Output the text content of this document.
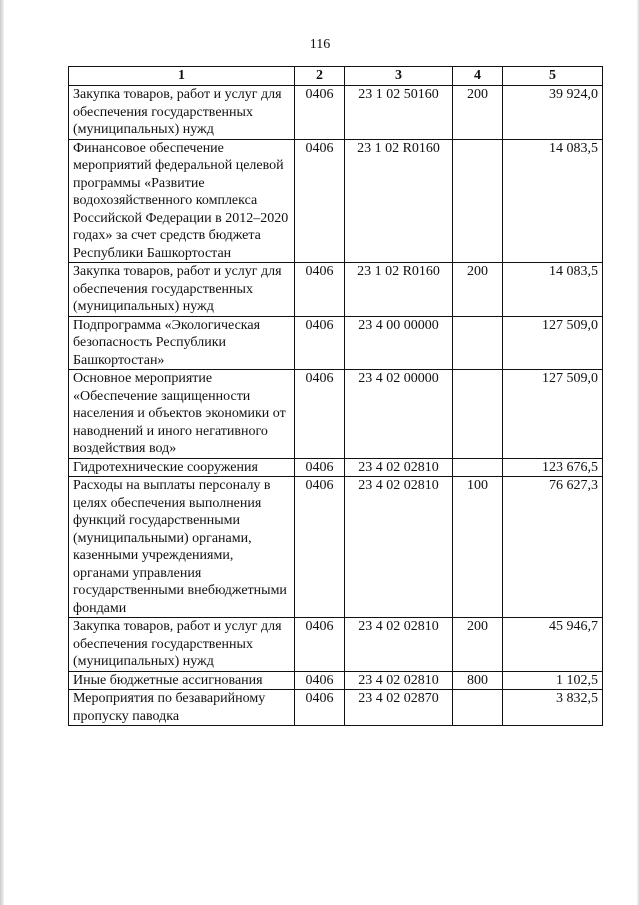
116
1	2	3	4	5
Закупка товаров, работ и услуг для обеспечения государственных (муниципальных) нужд	0406	23 1 02 50160	200	39 924,0
Финансовое обеспечение мероприятий федеральной целевой программы «Развитие водохозяйственного комплекса Российской Федерации в 2012–2020 годах» за счет средств бюджета Республики Башкортостан	0406	23 1 02 R0160		14 083,5
Закупка товаров, работ и услуг для обеспечения государственных (муниципальных) нужд	0406	23 1 02 R0160	200	14 083,5
Подпрограмма «Экологическая безопасность Республики Башкортостан»	0406	23 4 00 00000		127 509,0
Основное мероприятие «Обеспечение защищенности населения и объектов экономики от наводнений и иного негативного воздействия вод»	0406	23 4 02 00000		127 509,0
Гидротехнические сооружения	0406	23 4 02 02810		123 676,5
Расходы на выплаты персоналу в целях обеспечения выполнения функций государственными (муниципальными) органами, казенными учреждениями, органами управления государственными внебюджетными фондами	0406	23 4 02 02810	100	76 627,3
Закупка товаров, работ и услуг для обеспечения государственных (муниципальных) нужд	0406	23 4 02 02810	200	45 946,7
Иные бюджетные ассигнования	0406	23 4 02 02810	800	1 102,5
Мероприятия по безаварийному пропуску паводка	0406	23 4 02 02870		3 832,5
